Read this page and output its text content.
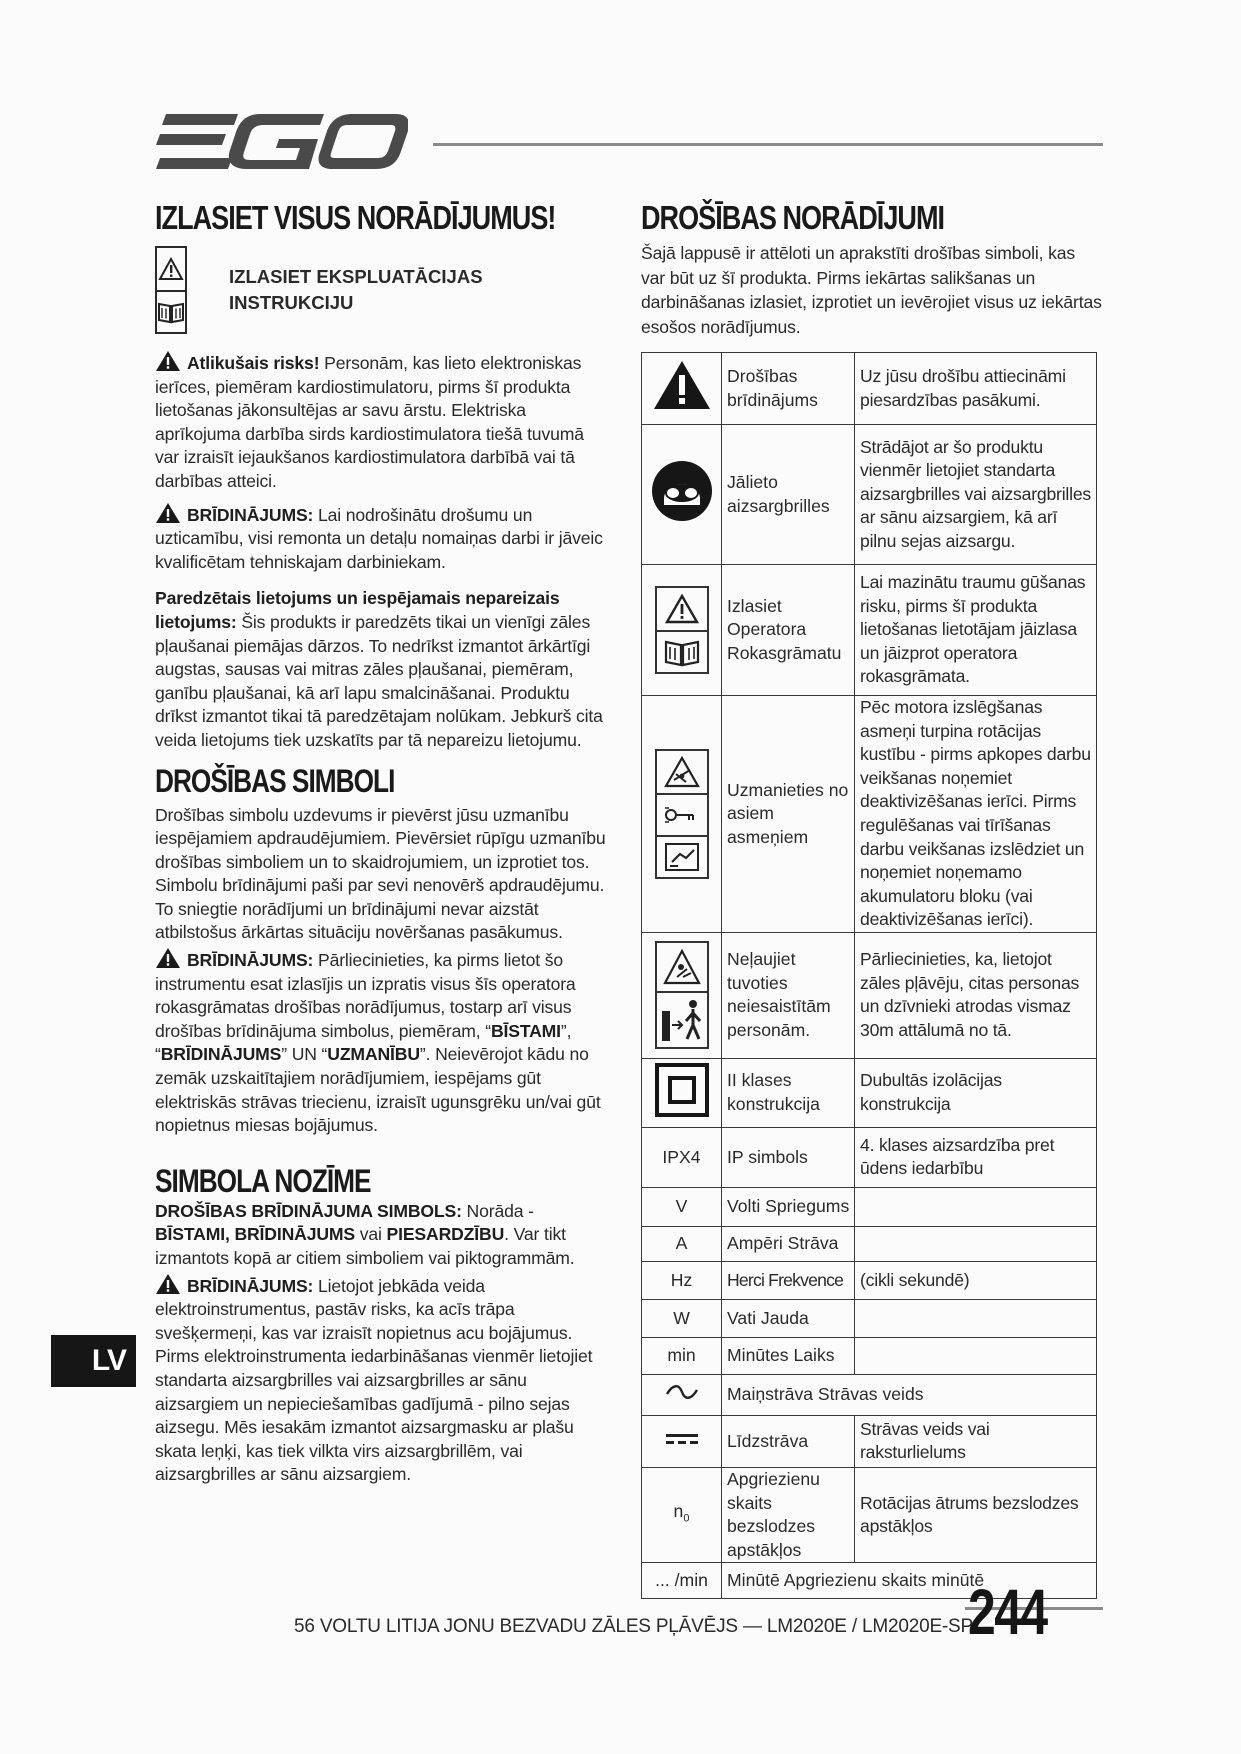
IZLASIET VISUS NORĀDĪJUMUS!
IZLASIET EKSPLUATĀCIJAS
INSTRUKCIJU

Atlikušais risks! Personām, kas lieto elektroniskas ierīces, piemēram kardiostimulatoru, pirms šī produkta lietošanas jākonsultējas ar savu ārstu. Elektriska aprīkojuma darbība sirds kardiostimulatora tiešā tuvumā var izraisīt iejaukšanos kardiostimulatora darbībā vai tā darbības atteici.

BRĪDINĀJUMS: Lai nodrošinātu drošumu un uzticamību, visi remonta un detaļu nomaiņas darbi ir jāveic kvalificētam tehniskajam darbiniekam.

Paredzētais lietojums un iespējamais nepareizais lietojums: Šis produkts ir paredzēts tikai un vienīgi zāles pļaušanai piemājas dārzos. To nedrīkst izmantot ārkārtīgi augstas, sausas vai mitras zāles pļaušanai, piemēram, ganību pļaušanai, kā arī lapu smalcināšanai. Produktu drīkst izmantot tikai tā paredzētajam nolūkam. Jebkurš cita veida lietojums tiek uzskatīts par tā nepareizu lietojumu.

DROŠĪBAS SIMBOLI

Drošības simbolu uzdevums ir pievērst jūsu uzmanību iespējamiem apdraudējumiem. Pievērsiet rūpīgu uzmanību drošības simboliem un to skaidrojumiem, un izprotiet tos. Simbolu brīdinājumi paši par sevi nenovērš apdraudējumu. To sniegtie norādījumi un brīdinājumi nevar aizstāt atbilstošus ārkārtas situāciju novēršanas pasākumus.

BRĪDINĀJUMS: Pārliecinieties, ka pirms lietot šo instrumentu esat izlasījis un izpratis visus šīs operatora rokasgrāmatas drošības norādījumus, tostarp arī visus drošības brīdinājuma simbolus, piemēram, “BĪSTAMI”, “BRĪDINĀJUMS” UN “UZMANĪBU”. Neievērojot kādu no zemāk uzskaitītajiem norādījumiem, iespējams gūt elektriskās strāvas triecienu, izraisīt ugunsgrēku un/vai gūt nopietnus miesas bojājumus.

SIMBOLA NOZĪME

DROŠĪBAS BRĪDINĀJUMA SIMBOLS: Norāda - BĪSTAMI, BRĪDINĀJUMS vai PIESARDZĪBU. Var tikt izmantots kopā ar citiem simboliem vai piktogrammām.

BRĪDINĀJUMS: Lietojot jebkāda veida elektroinstrumentus, pastāv risks, ka acīs trāpa svešķermeņi, kas var izraisīt nopietnus acu bojājumus. Pirms elektroinstrumenta iedarbināšanas vienmēr lietojiet standarta aizsargbrilles vai aizsargbrilles ar sānu aizsargiem un nepieciešamības gadījumā - pilno sejas aizsegu. Mēs iesakām izmantot aizsargmasku ar plašu skata leņķi, kas tiek vilkta virs aizsargbrillēm, vai aizsargbrilles ar sānu aizsargiem.

LV
DROŠĪBAS NORĀDĪJUMI

Šajā lappusē ir attēloti un aprakstīti drošības simboli, kas var būt uz šī produkta. Pirms iekārtas salikšanas un darbināšanas izlasiet, izprotiet un ievērojiet visus uz iekārtas esošos norādījumus.

	Drošības brīdinājums	Uz jūsu drošību attiecināmi piesardzības pasākumi.
	Jālieto aizsargbrilles	Strādājot ar šo produktu vienmēr lietojiet standarta aizsargbrilles vai aizsargbrilles ar sānu aizsargiem, kā arī pilnu sejas aizsargu.

	Izlasiet Operatora Rokasgrāmatu	Lai mazinātu traumu gūšanas risku, pirms šī produkta lietošanas lietotājam jāizlasa un jāizprot operatora rokasgrāmata.

	Uzmanieties no asiem asmeņiem	Pēc motora izslēgšanas asmeņi turpina rotācijas kustību - pirms apkopes darbu veikšanas noņemiet deaktivizēšanas ierīci. Pirms regulēšanas vai tīrīšanas darbu veikšanas izslēdziet un noņemiet noņemamo akumulatoru bloku (vai deaktivizēšanas ierīci).

	Neļaujiet tuvoties neiesaistītām personām.	Pārliecinieties, ka, lietojot zāles pļāvēju, citas personas un dzīvnieki atrodas vismaz 30m attālumā no tā.
	II klases konstrukcija	Dubultās izolācijas konstrukcija
IPX4	IP simbols	4. klases aizsardzība pret ūdens iedarbību
V	Volti Spriegums	
A	Ampēri Strāva	
Hz	Herci Frekvence	(cikli sekundē)
W	Vati Jauda	
min	Minūtes Laiks	
	Maiņstrāva Strāvas veids	
	Līdzstrāva	Strāvas veids vai raksturlielums
$n_0$	Apgriezienu skaits bezslodzes apstākļos	Rotācijas ātrums bezslodzes apstākļos
... /min	Minūtē Apgriezienu skaits minūtē	
56 VOLTU LITIJA JONU BEZVADU ZĀLES PĻĀVĒJS — LM2020E / LM2020E-SP
244
